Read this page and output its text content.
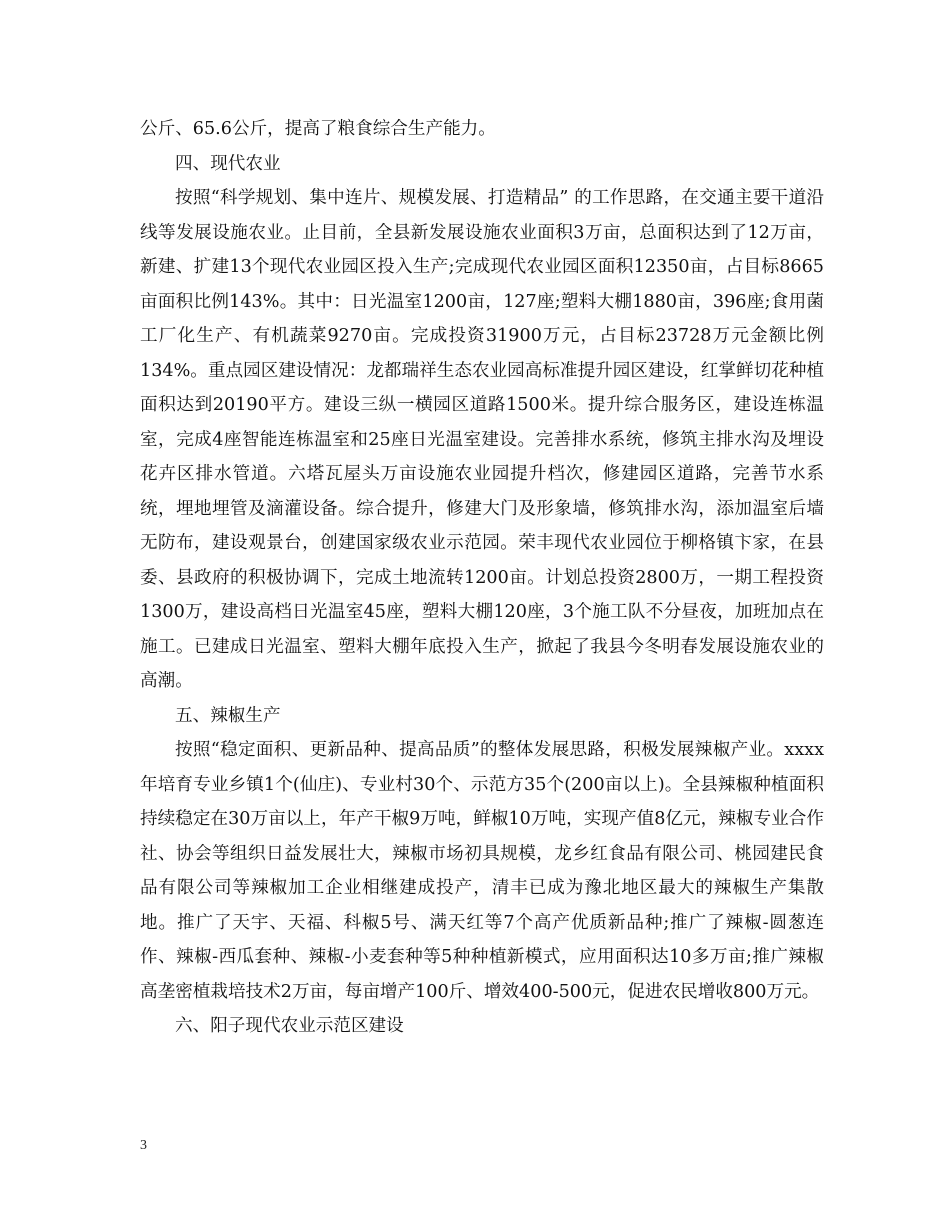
公斤、65.6公斤，提高了粮食综合生产能力。

四、现代农业

按照“科学规划、集中连片、规模发展、打造精品” 的工作思路，在交通主要干道沿线等发展设施农业。止目前，全县新发展设施农业面积3万亩，总面积达到了12万亩，新建、扩建13个现代农业园区投入生产;完成现代农业园区面积12350亩，占目标8665亩面积比例143%。其中：日光温室1200亩，127座;塑料大棚1880亩，396座;食用菌工厂化生产、有机蔬菜9270亩。完成投资31900万元，占目标23728万元金额比例134%。重点园区建设情况：龙都瑞祥生态农业园高标准提升园区建设，红掌鲜切花种植面积达到20190平方。建设三纵一横园区道路1500米。提升综合服务区，建设连栋温室，完成4座智能连栋温室和25座日光温室建设。完善排水系统，修筑主排水沟及埋设花卉区排水管道。六塔瓦屋头万亩设施农业园提升档次，修建园区道路，完善节水系统，埋地埋管及滴灌设备。综合提升，修建大门及形象墙，修筑排水沟，添加温室后墙无防布，建设观景台，创建国家级农业示范园。荣丰现代农业园位于柳格镇卞家，在县委、县政府的积极协调下，完成土地流转1200亩。计划总投资2800万，一期工程投资1300万，建设高档日光温室45座，塑料大棚120座，3个施工队不分昼夜，加班加点在施工。已建成日光温室、塑料大棚年底投入生产，掀起了我县今冬明春发展设施农业的高潮。

五、辣椒生产

按照“稳定面积、更新品种、提高品质”的整体发展思路，积极发展辣椒产业。xxxx年培育专业乡镇1个(仙庄)、专业村30个、示范方35个(200亩以上)。全县辣椒种植面积持续稳定在30万亩以上，年产干椒9万吨，鲜椒10万吨，实现产值8亿元，辣椒专业合作社、协会等组织日益发展壮大，辣椒市场初具规模，龙乡红食品有限公司、桃园建民食品有限公司等辣椒加工企业相继建成投产，清丰已成为豫北地区最大的辣椒生产集散地。推广了天宇、天福、科椒5号、满天红等7个高产优质新品种;推广了辣椒-圆葱连作、辣椒-西瓜套种、辣椒-小麦套种等5种种植新模式，应用面积达10多万亩;推广辣椒高垄密植栽培技术2万亩，每亩增产100斤、增效400-500元，促进农民增收800万元。

六、阳子现代农业示范区建设

3
